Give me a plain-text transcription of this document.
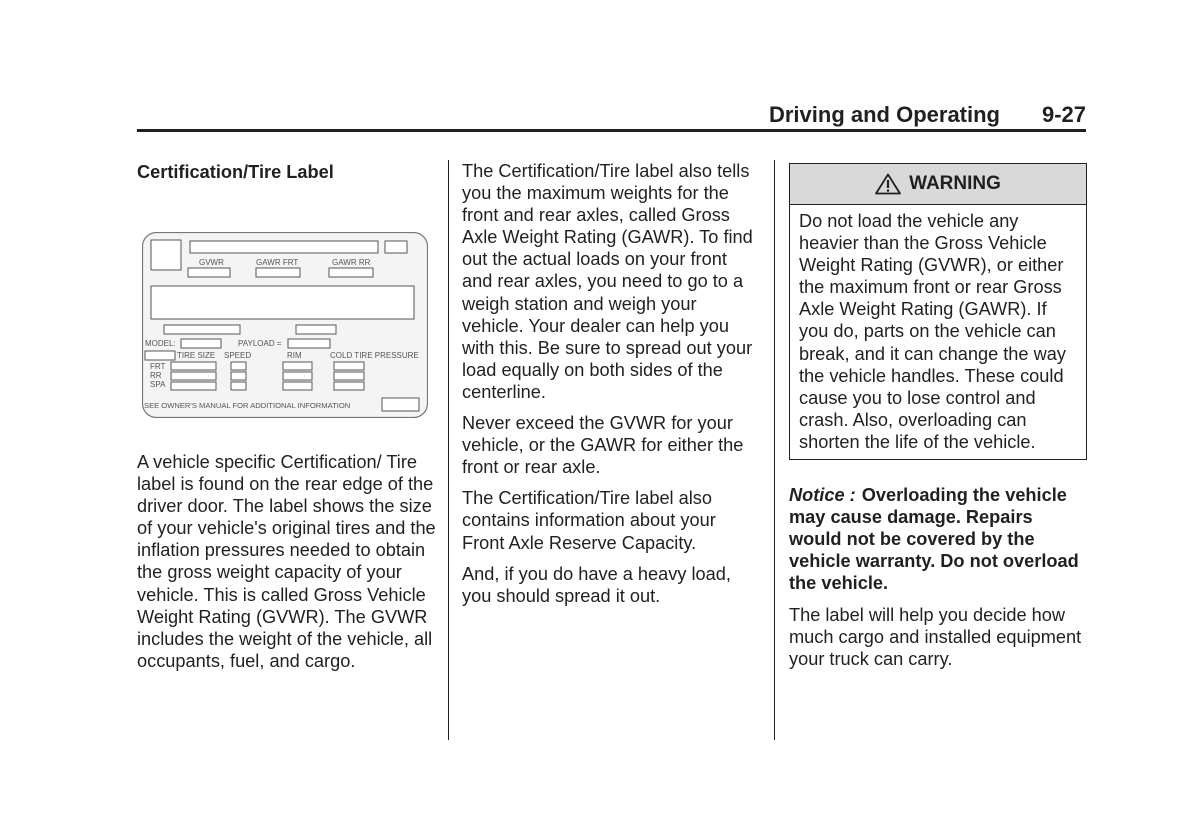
Driving and Operating 9-27

Certification/Tire Label

A vehicle specific Certification/ Tire label is found on the rear edge of the driver door. The label shows the size of your vehicle's original tires and the inflation pressures needed to obtain the gross weight capacity of your vehicle. This is called Gross Vehicle Weight Rating (GVWR). The GVWR includes the weight of the vehicle, all occupants, fuel, and cargo.

GVWR	GAWR FRT	GAWR RR
MODEL:	PAYLOAD =
TIRE SIZE SPEED	RIM	COLD TIRE PRESSURE
FRT
RR
SPA
SEE OWNER'S MANUAL FOR ADDITIONAL INFORMATION

The Certification/Tire label also tells you the maximum weights for the front and rear axles, called Gross Axle Weight Rating (GAWR). To find out the actual loads on your front and rear axles, you need to go to a weigh station and weigh your vehicle. Your dealer can help you with this. Be sure to spread out your load equally on both sides of the centerline.

Never exceed the GVWR for your vehicle, or the GAWR for either the front or rear axle.

The Certification/Tire label also contains information about your Front Axle Reserve Capacity.

And, if you do have a heavy load, you should spread it out.

WARNING
Do not load the vehicle any heavier than the Gross Vehicle Weight Rating (GVWR), or either the maximum front or rear Gross Axle Weight Rating (GAWR). If you do, parts on the vehicle can break, and it can change the way the vehicle handles. These could cause you to lose control and crash. Also, overloading can shorten the life of the vehicle.

Notice : Overloading the vehicle may cause damage. Repairs would not be covered by the vehicle warranty. Do not overload the vehicle.

The label will help you decide how much cargo and installed equipment your truck can carry.
